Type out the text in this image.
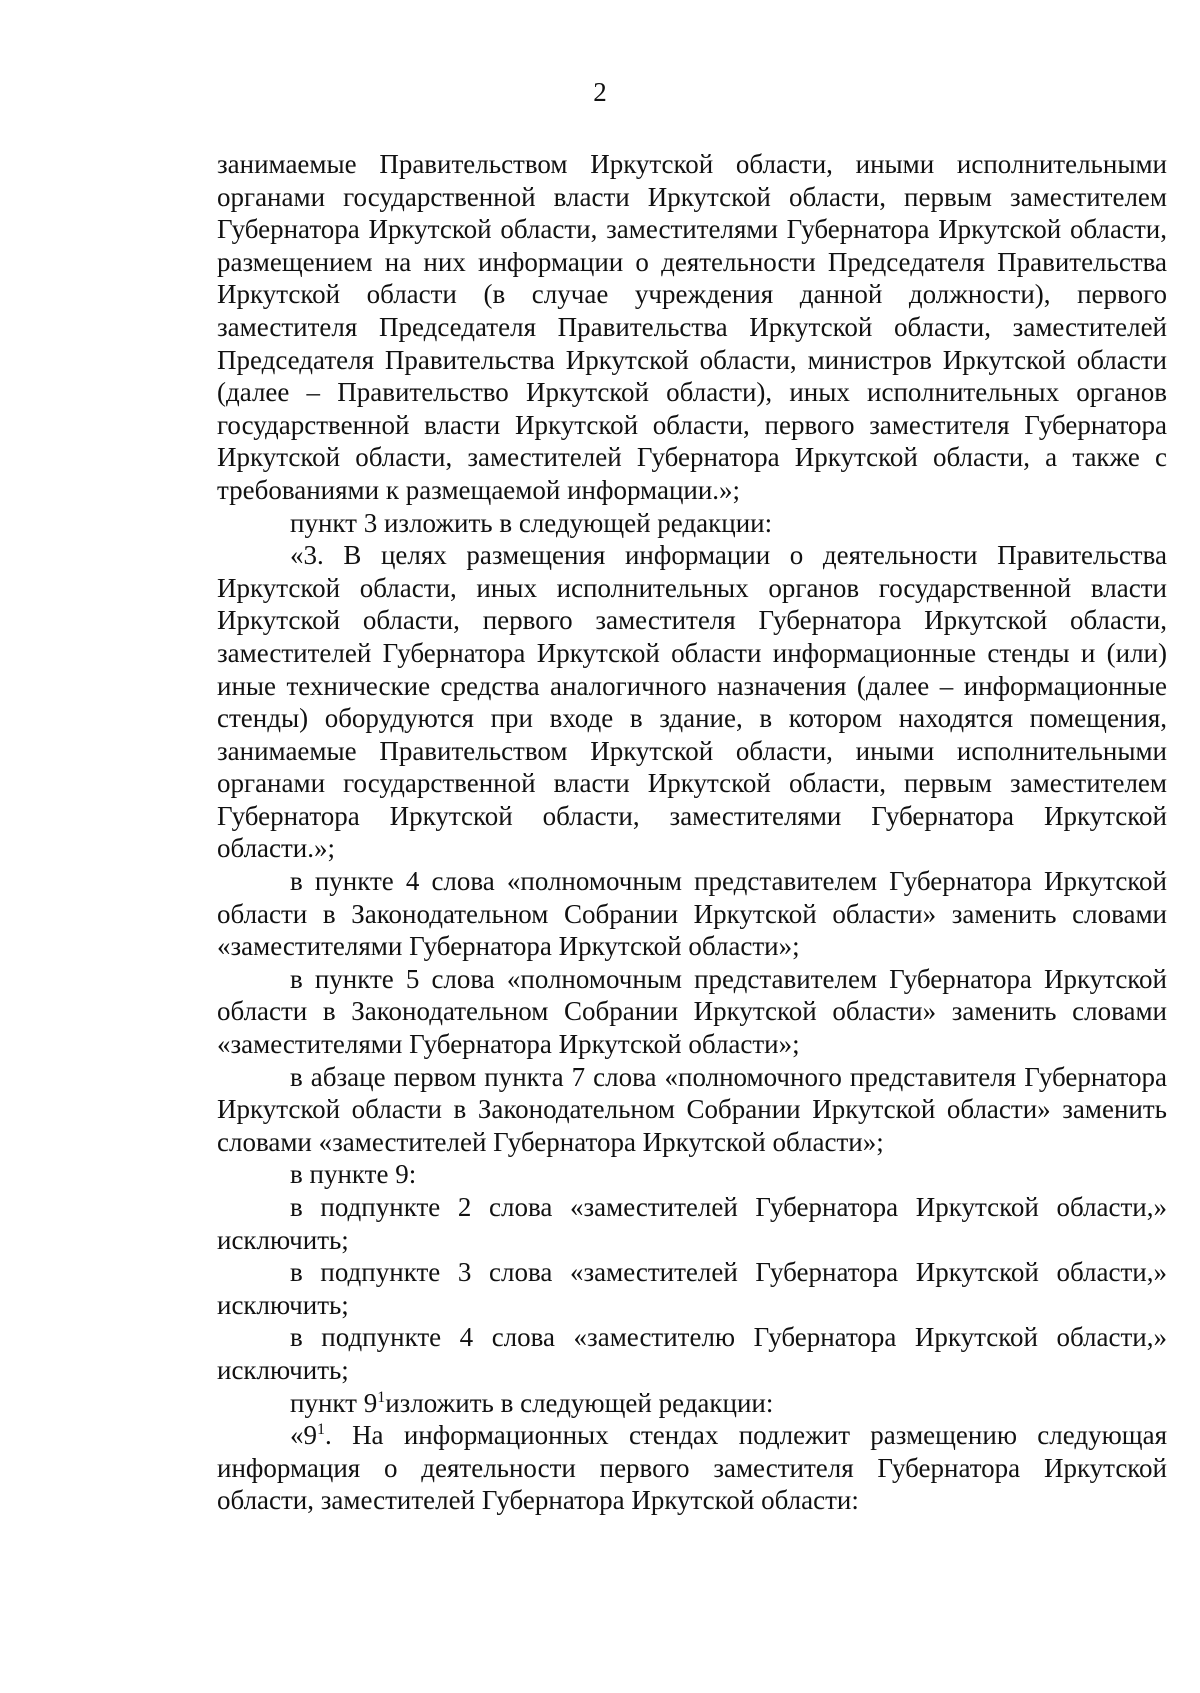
2

занимаемые Правительством Иркутской области, иными исполнительными органами государственной власти Иркутской области, первым заместителем Губернатора Иркутской области, заместителями Губернатора Иркутской области, размещением на них информации о деятельности Председателя Правительства Иркутской области (в случае учреждения данной должности), первого заместителя Председателя Правительства Иркутской области, заместителей Председателя Правительства Иркутской области, министров Иркутской области (далее – Правительство Иркутской области), иных исполнительных органов государственной власти Иркутской области, первого заместителя Губернатора Иркутской области, заместителей Губернатора Иркутской области, а также с требованиями к размещаемой информации.»;

пункт 3 изложить в следующей редакции:

«3. В целях размещения информации о деятельности Правительства Иркутской области, иных исполнительных органов государственной власти Иркутской области, первого заместителя Губернатора Иркутской области, заместителей Губернатора Иркутской области информационные стенды и (или) иные технические средства аналогичного назначения (далее – информационные стенды) оборудуются при входе в здание, в котором находятся помещения, занимаемые Правительством Иркутской области, иными исполнительными органами государственной власти Иркутской области, первым заместителем Губернатора Иркутской области, заместителями Губернатора Иркутской области.»;

в пункте 4 слова «полномочным представителем Губернатора Иркутской области в Законодательном Собрании Иркутской области» заменить словами «заместителями Губернатора Иркутской области»;

в пункте 5 слова «полномочным представителем Губернатора Иркутской области в Законодательном Собрании Иркутской области» заменить словами «заместителями Губернатора Иркутской области»;

в абзаце первом пункта 7 слова «полномочного представителя Губернатора Иркутской области в Законодательном Собрании Иркутской области» заменить словами «заместителей Губернатора Иркутской области»;

в пункте 9:

в подпункте 2 слова «заместителей Губернатора Иркутской области,» исключить;

в подпункте 3 слова «заместителей Губернатора Иркутской области,» исключить;

в подпункте 4 слова «заместителю Губернатора Иркутской области,» исключить;

пункт $9^1изложить$ в следующей редакции:

«$9^1$. На информационных стендах подлежит размещению следующая информация о деятельности первого заместителя Губернатора Иркутской области, заместителей Губернатора Иркутской области:
